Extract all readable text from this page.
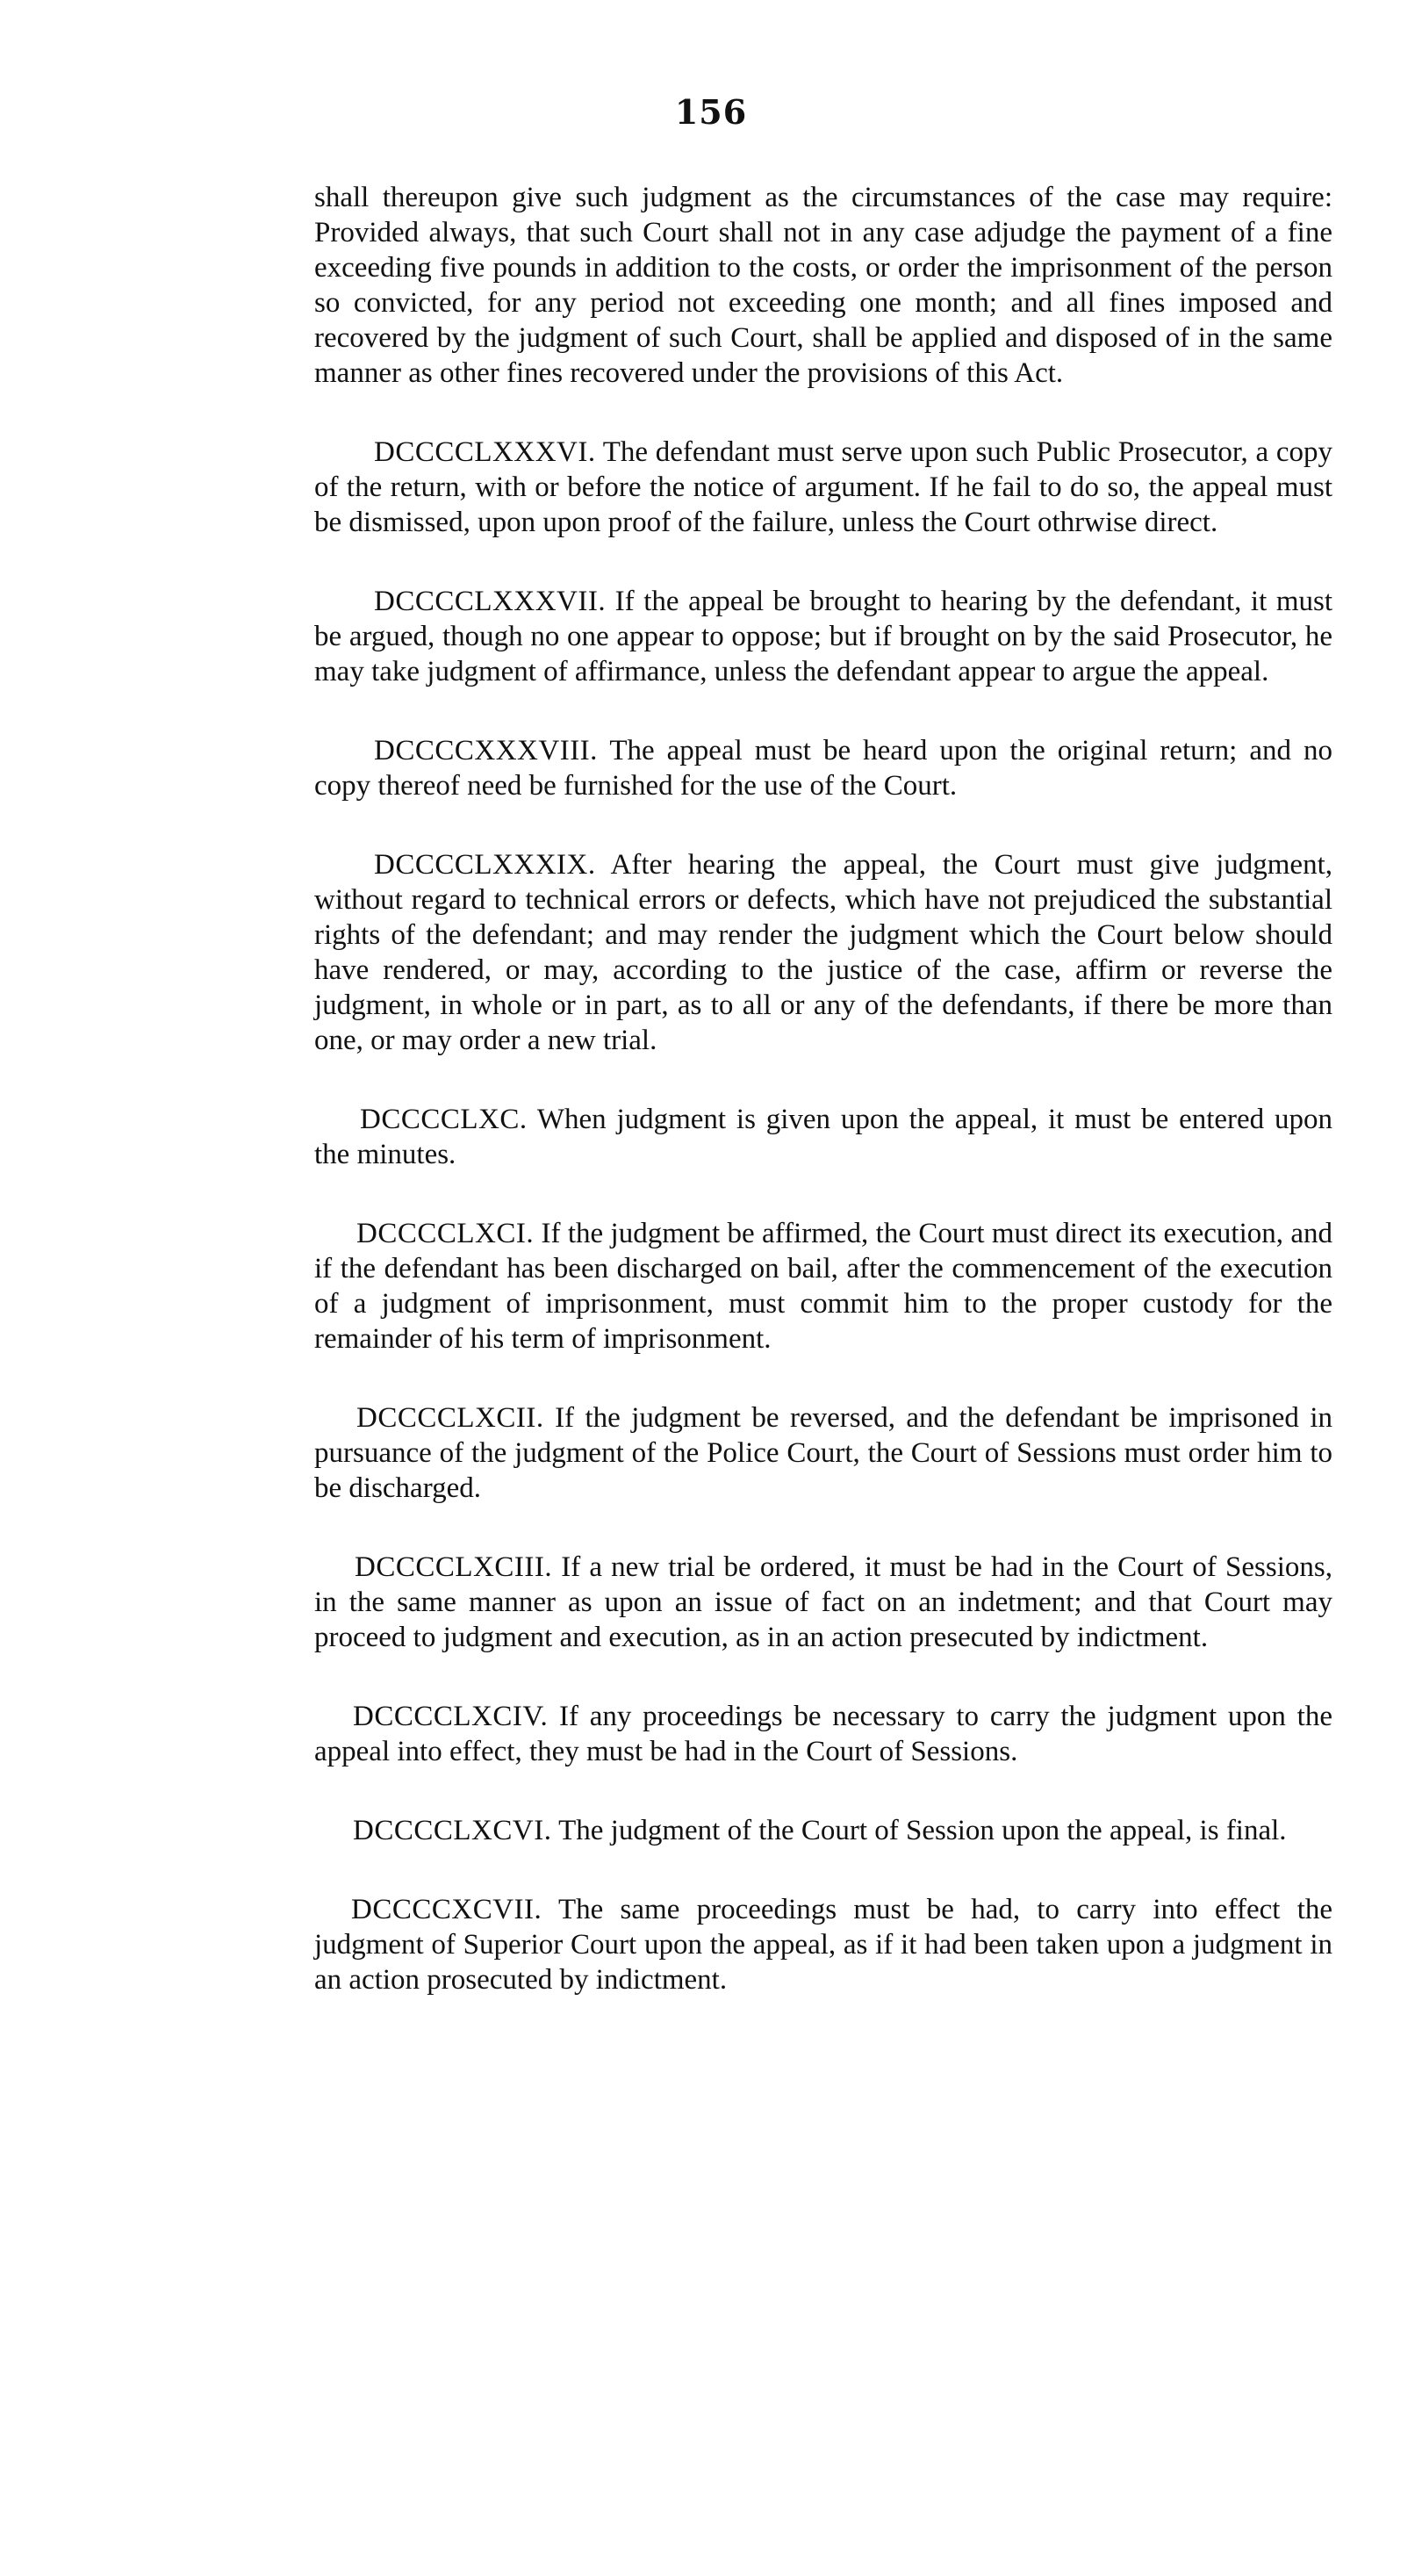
156

shall thereupon give such judgment as the circumstances of the case may require: Provided always, that such Court shall not in any case adjudge the payment of a fine exceeding five pounds in addition to the costs, or order the imprisonment of the person so convicted, for any period not exceeding one month; and all fines imposed and recovered by the judgment of such Court, shall be applied and disposed of in the same manner as other fines recovered under the provisions of this Act.

DCCCCLXXXVI. The defendant must serve upon such Public Prosecutor, a copy of the return, with or before the notice of argument. If he fail to do so, the appeal must be dismissed, upon upon proof of the failure, unless the Court othrwise direct.

DCCCCLXXXVII. If the appeal be brought to hearing by the defendant, it must be argued, though no one appear to oppose; but if brought on by the said Prosecutor, he may take judgment of affirmance, unless the defendant appear to argue the appeal.

DCCCCXXXVIII. The appeal must be heard upon the original return; and no copy thereof need be furnished for the use of the Court.

DCCCCLXXXIX. After hearing the appeal, the Court must give judgment, without regard to technical errors or defects, which have not prejudiced the substantial rights of the defendant; and may render the judgment which the Court below should have rendered, or may, according to the justice of the case, affirm or reverse the judgment, in whole or in part, as to all or any of the defendants, if there be more than one, or may order a new trial.

DCCCCLXC. When judgment is given upon the appeal, it must be entered upon the minutes.

DCCCCLXCI. If the judgment be affirmed, the Court must direct its execution, and if the defendant has been discharged on bail, after the commencement of the execution of a judgment of imprisonment, must commit him to the proper custody for the remainder of his term of imprisonment.

DCCCCLXCII. If the judgment be reversed, and the defendant be imprisoned in pursuance of the judgment of the Police Court, the Court of Sessions must order him to be discharged.

DCCCCLXCIII. If a new trial be ordered, it must be had in the Court of Sessions, in the same manner as upon an issue of fact on an indetment; and that Court may proceed to judgment and execution, as in an action presecuted by indictment.

DCCCCLXCIV. If any proceedings be necessary to carry the judgment upon the appeal into effect, they must be had in the Court of Sessions.

DCCCCLXCVI. The judgment of the Court of Session upon the appeal, is final.

DCCCCXCVII. The same proceedings must be had, to carry into effect the judgment of Superior Court upon the appeal, as if it had been taken upon a judgment in an action prosecuted by indictment.
